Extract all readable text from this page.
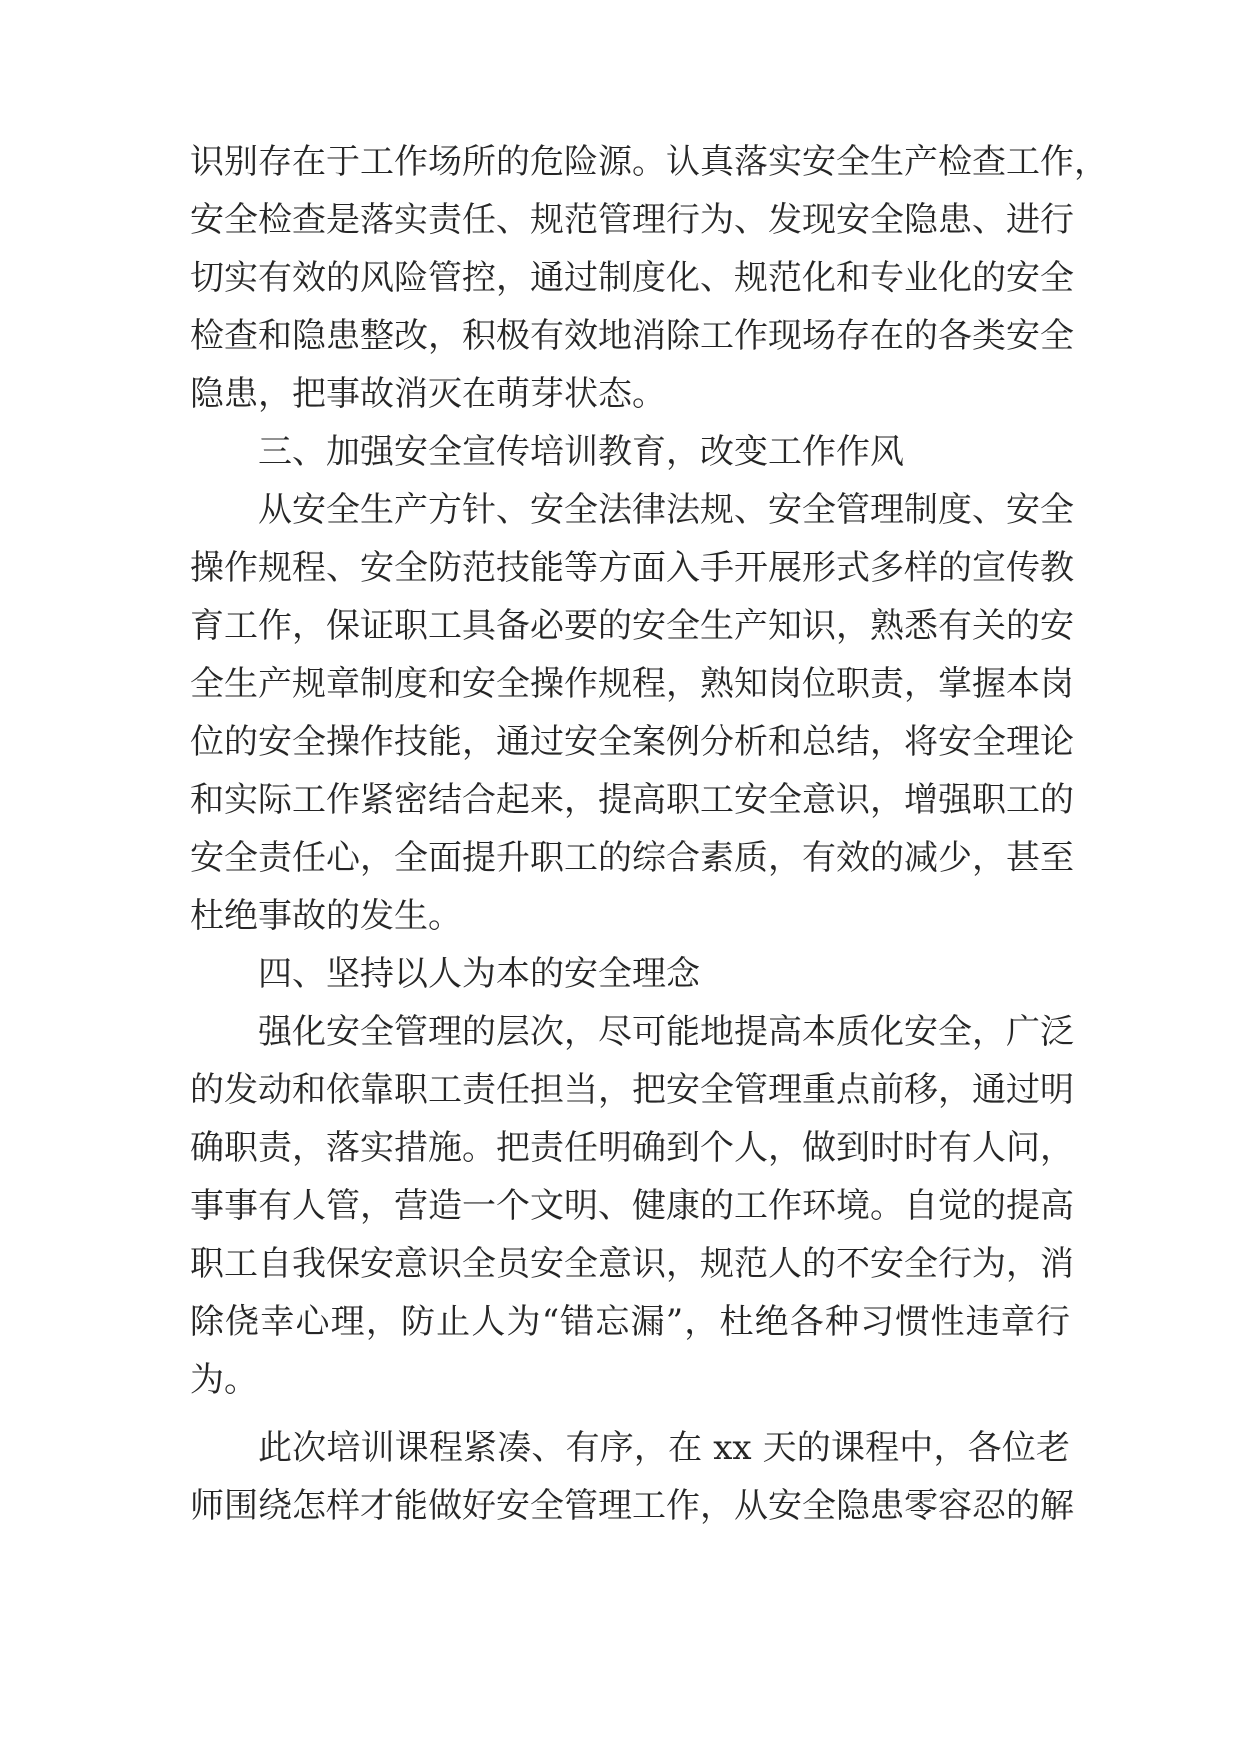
识别存在于工作场所的危险源。认真落实安全生产检查工作，
安全检查是落实责任、规范管理行为、发现安全隐患、进行
切实有效的风险管控，通过制度化、规范化和专业化的安全
检查和隐患整改，积极有效地消除工作现场存在的各类安全
隐患，把事故消灭在萌芽状态。
三、加强安全宣传培训教育，改变工作作风
从安全生产方针、安全法律法规、安全管理制度、安全
操作规程、安全防范技能等方面入手开展形式多样的宣传教
育工作，保证职工具备必要的安全生产知识，熟悉有关的安
全生产规章制度和安全操作规程，熟知岗位职责，掌握本岗
位的安全操作技能，通过安全案例分析和总结，将安全理论
和实际工作紧密结合起来，提高职工安全意识，增强职工的
安全责任心，全面提升职工的综合素质，有效的减少，甚至
杜绝事故的发生。
四、坚持以人为本的安全理念
强化安全管理的层次，尽可能地提高本质化安全，广泛
的发动和依靠职工责任担当，把安全管理重点前移，通过明
确职责，落实措施。把责任明确到个人，做到时时有人问，
事事有人管，营造一个文明、健康的工作环境。自觉的提高
职工自我保安意识全员安全意识，规范人的不安全行为，消
除侥幸心理，防止人为“错忘漏”，杜绝各种习惯性违章行
为。
此次培训课程紧凑、有序，在 xx 天的课程中，各位老
师围绕怎样才能做好安全管理工作，从安全隐患零容忍的解
